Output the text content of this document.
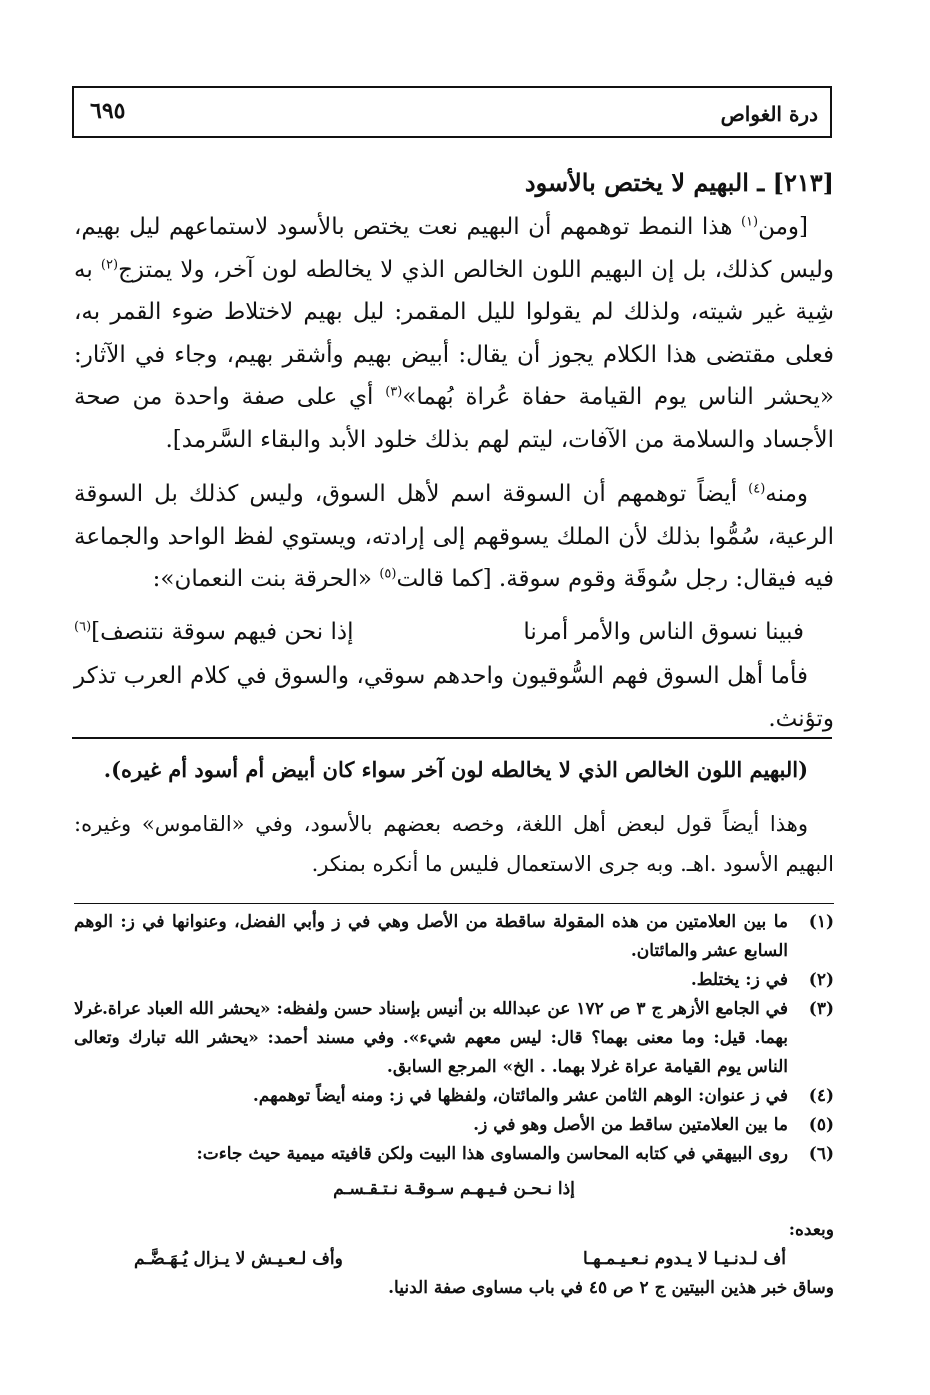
درة الغواص
٦٩٥
[٢١٣] ـ البهيم لا يختص بالأسود

[ومن$^{(١)}$ هذا النمط توهمهم أن البهيم نعت يختص بالأسود لاستماعهم ليل بهيم، وليس كذلك، بل إن البهيم اللون الخالص الذي لا يخالطه لون آخر، ولا يمتزج$^{(٢)}$ به شِية غير شيته، ولذلك لم يقولوا لليل المقمر: ليل بهيم لاختلاط ضوء القمر به، فعلى مقتضى هذا الكلام يجوز أن يقال: أبيض بهيم وأشقر بهيم، وجاء في الآثار: «يحشر الناس يوم القيامة حفاة عُراة بُهما»$^{(٣)}$ أي على صفة واحدة من صحة الأجساد والسلامة من الآفات، ليتم لهم بذلك خلود الأبد والبقاء السَّرمد].

ومنه$^{(٤)}$ أيضاً توهمهم أن السوقة اسم لأهل السوق، وليس كذلك بل السوقة الرعية، سُمُّوا بذلك لأن الملك يسوقهم إلى إرادته، ويستوي لفظ الواحد والجماعة فيه فيقال: رجل سُوقَة وقوم سوقة. [كما قالت$^{(٥)}$ «الحرقة بنت النعمان»:

فبينا نسوق الناس والأمر أمرنا
إذا نحن فيهم سوقة نتنصف]$^{(٦)}$

فأما أهل السوق فهم السُّوقيون واحدهم سوقي، والسوق في كلام العرب تذكر وتؤنث.

(البهيم اللون الخالص الذي لا يخالطه لون آخر سواء كان أبيض أم أسود أم غيره).

وهذا أيضاً قول لبعض أهل اللغة، وخصه بعضهم بالأسود، وفي «القاموس» وغيره: البهيم الأسود .اهـ. وبه جرى الاستعمال فليس ما أنكره بمنكر.

(١)
ما بين العلامتين من هذه المقولة ساقطة من الأصل وهي في ز وأبي الفضل، وعنوانها في ز: الوهم السابع عشر والمائتان.
(٢)
في ز: يختلط.
(٣)
في الجامع الأزهر ج ٣ ص ١٧٢ عن عبدالله بن أنيس بإسناد حسن ولفظه: «يحشر الله العباد عراة.غرلا بهما. قيل: وما معنى بهما؟ قال: ليس معهم شيء». وفي مسند أحمد: «يحشر الله تبارك وتعالى الناس يوم القيامة عراة غرلا بهما. . الخ» المرجع السابق.
(٤)
في ز عنوان: الوهم الثامن عشر والمائتان، ولفظها في ز: ومنه أيضاً توهمهم.
(٥)
ما بين العلامتين ساقط من الأصل وهو في ز.
(٦)
روى البيهقي في كتابه المحاسن والمساوى هذا البيت ولكن قافيته ميمية حيث جاءت:
إذا نـحـن فـيـهـم سـوقـة نـتـقـسـم
وبعده:
أف لـدنـيـا لا يـدوم نـعـيـمـهـا
وأف لـعـيـش لا يـزال يُـهَـضَّـم
وساق خبر هذين البيتين ج ٢ ص ٤٥ في باب مساوى صفة الدنيا.
